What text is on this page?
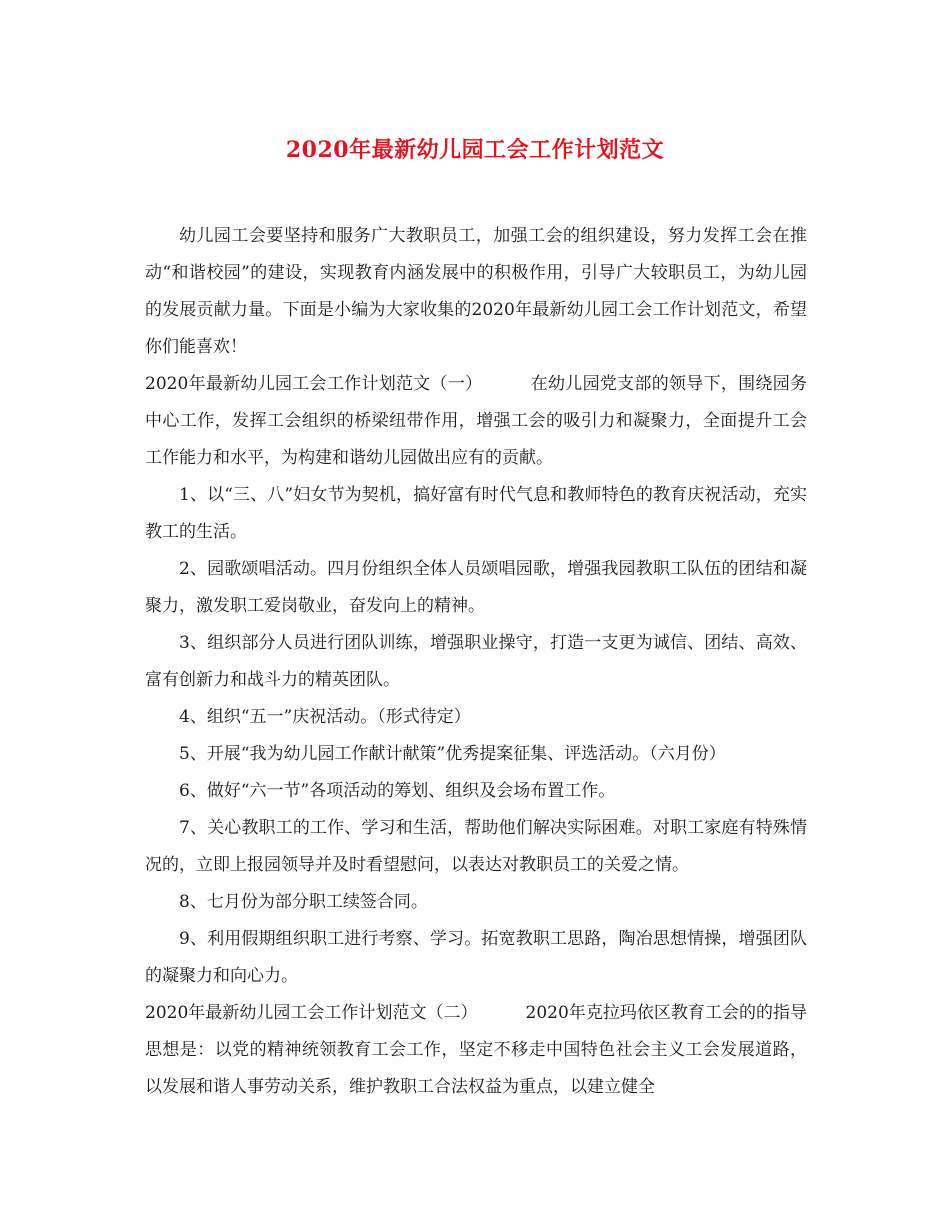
2020年最新幼儿园工会工作计划范文

幼儿园工会要坚持和服务广大教职员工，加强工会的组织建设，努力发挥工会在推动“和谐校园”的建设，实现教育内涵发展中的积极作用，引导广大较职员工，为幼儿园的发展贡献力量。下面是小编为大家收集的2020年最新幼儿园工会工作计划范文，希望你们能喜欢！

2020年最新幼儿园工会工作计划范文（一）	在幼儿园党支部的领导下，围绕园务中心工作，发挥工会组织的桥梁纽带作用，增强工会的吸引力和凝聚力，全面提升工会工作能力和水平，为构建和谐幼儿园做出应有的贡献。

1、以“三、八”妇女节为契机，搞好富有时代气息和教师特色的教育庆祝活动，充实教工的生活。

2、园歌颂唱活动。四月份组织全体人员颂唱园歌，增强我园教职工队伍的团结和凝聚力，激发职工爱岗敬业，奋发向上的精神。

3、组织部分人员进行团队训练，增强职业操守，打造一支更为诚信、团结、高效、富有创新力和战斗力的精英团队。

4、组织“五一”庆祝活动。（形式待定）

5、开展“我为幼儿园工作献计献策”优秀提案征集、评选活动。（六月份）

6、做好“六一节”各项活动的筹划、组织及会场布置工作。

7、关心教职工的工作、学习和生活，帮助他们解决实际困难。对职工家庭有特殊情况的，立即上报园领导并及时看望慰问，以表达对教职员工的关爱之情。

8、七月份为部分职工续签合同。

9、利用假期组织职工进行考察、学习。拓宽教职工思路，陶冶思想情操，增强团队的凝聚力和向心力。

2020年最新幼儿园工会工作计划范文（二）	2020年克拉玛依区教育工会的的指导思想是：以党的精神统领教育工会工作，坚定不移走中国特色社会主义工会发展道路，以发展和谐人事劳动关系，维护教职工合法权益为重点，以建立健全
